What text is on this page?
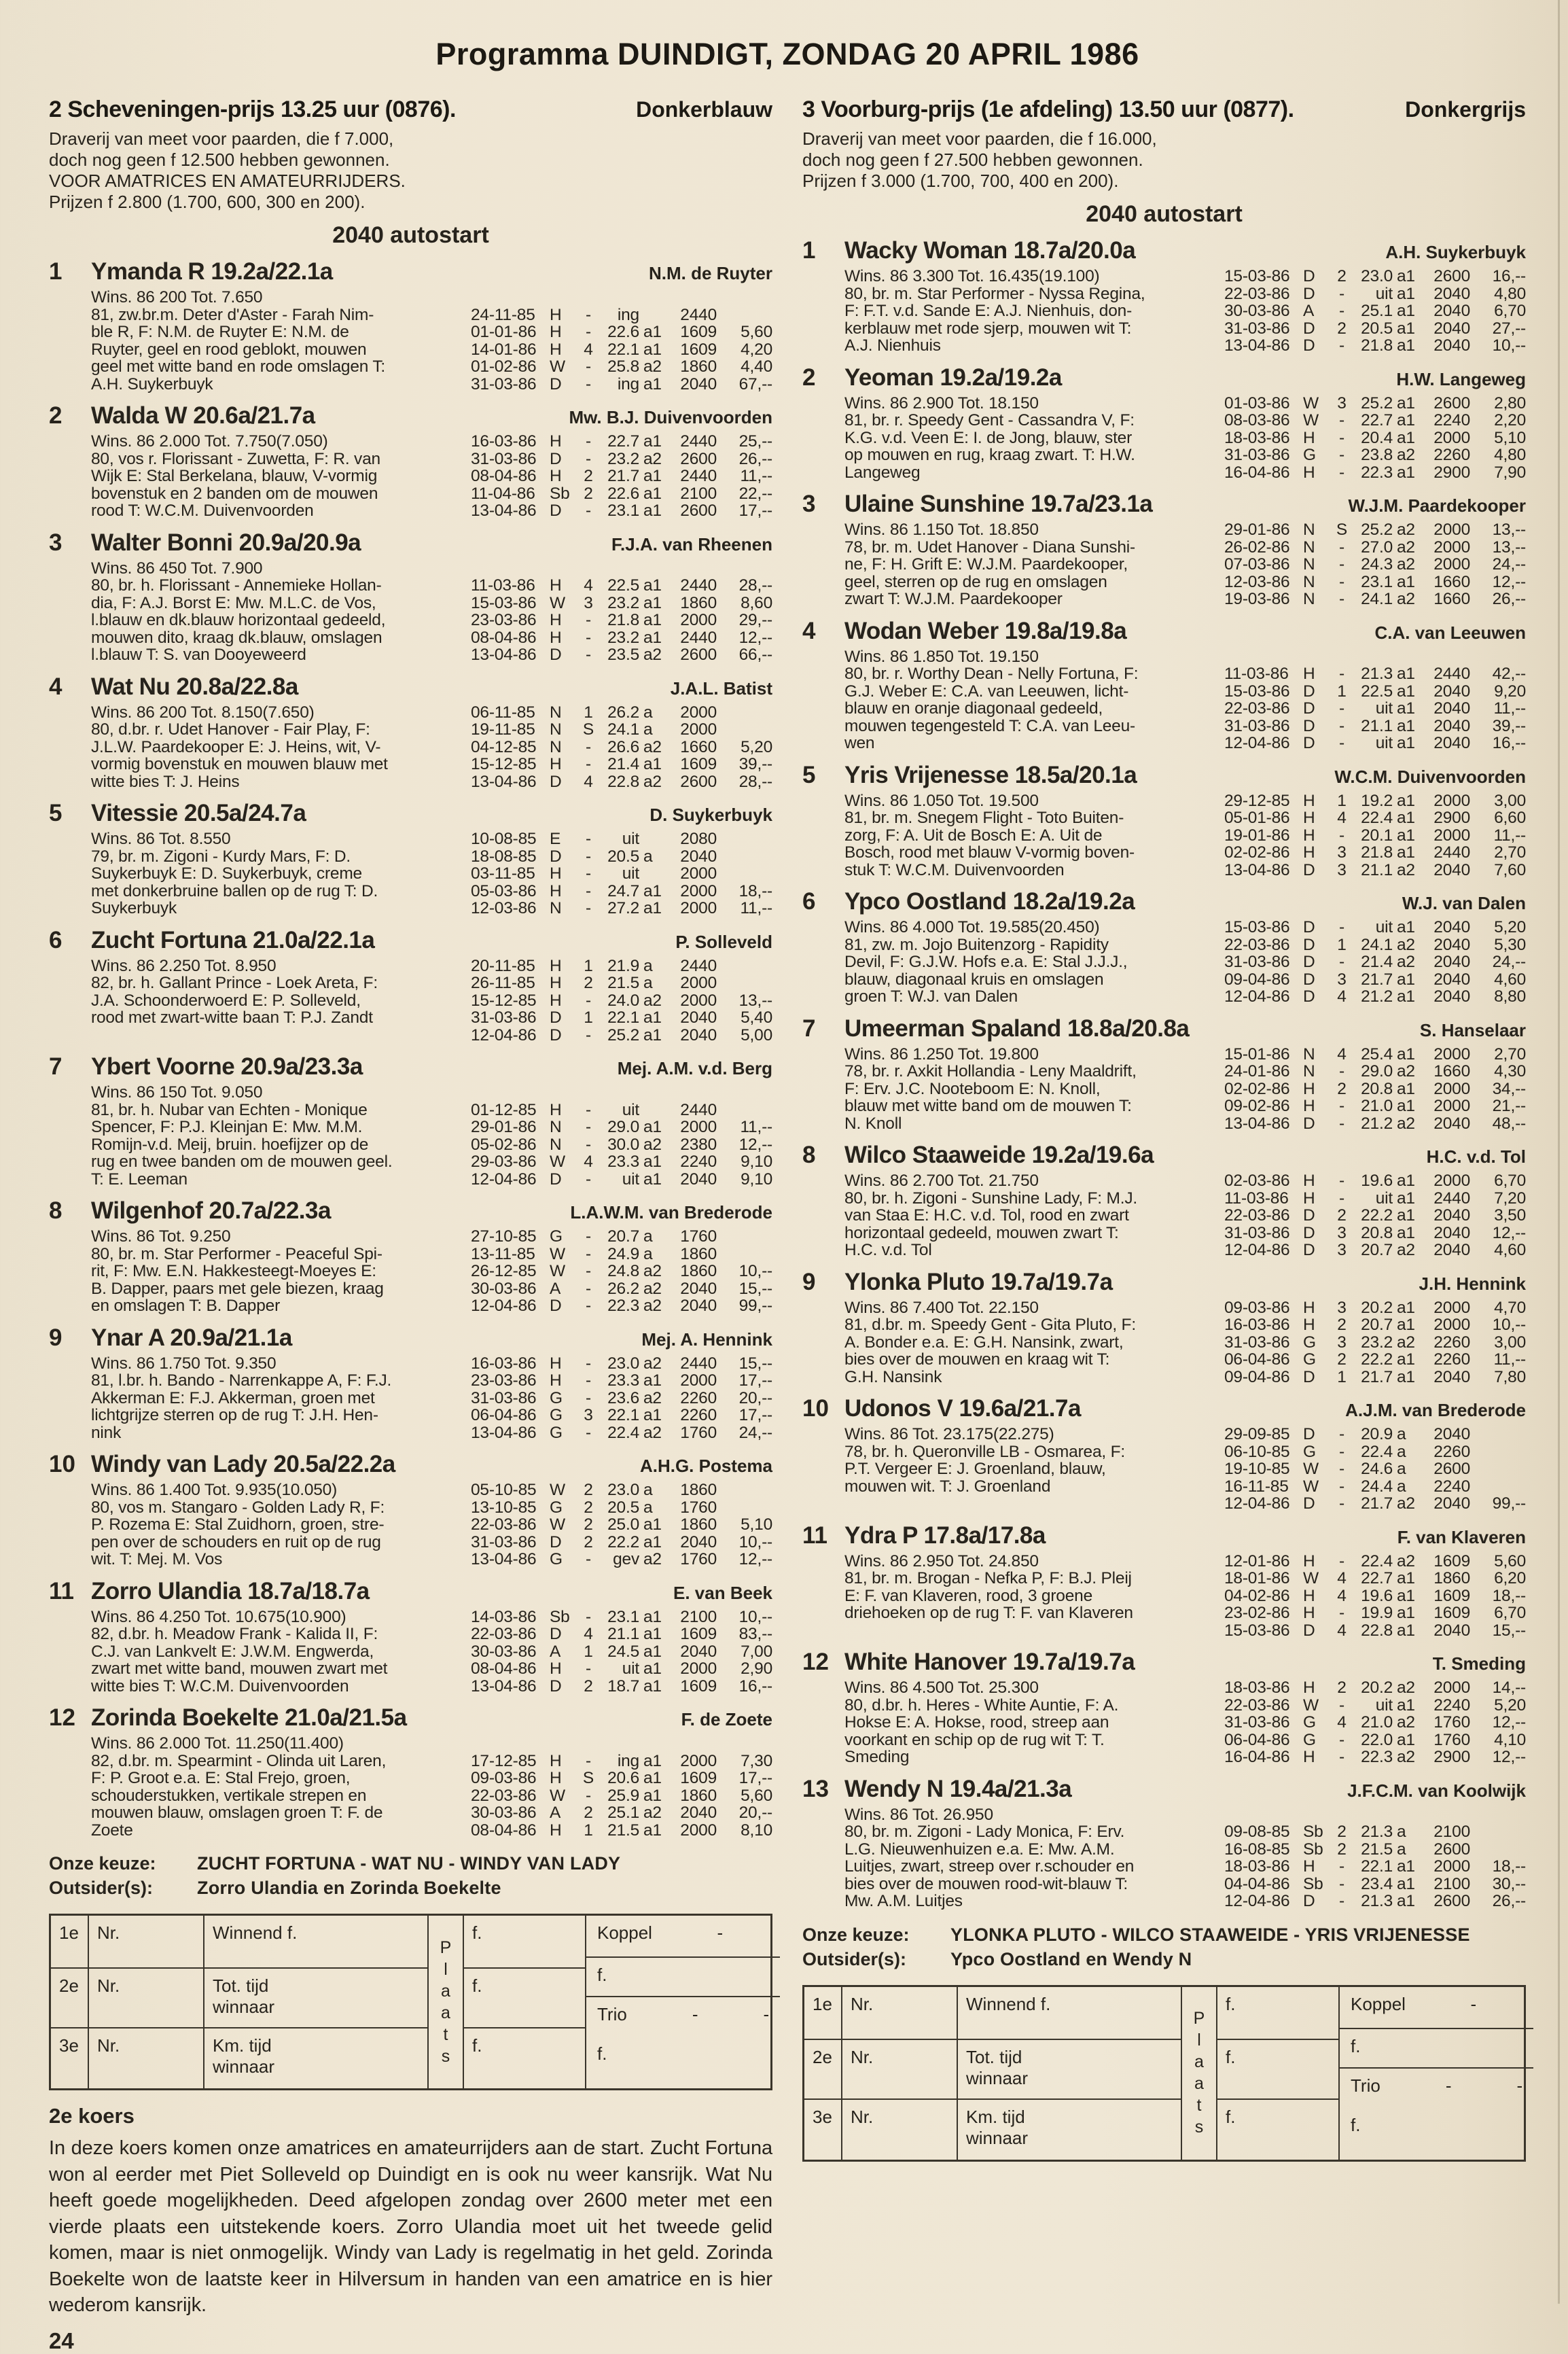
Programma DUINDIGT, ZONDAG 20 APRIL 1986
2 Scheveningen-prijs 13.25 uur (0876).	Donkerblauw
Draverij van meet voor paarden, die f 7.000,
doch nog geen f 12.500 hebben gewonnen.
VOOR AMATRICES EN AMATEURRIJDERS.
Prijzen f 2.800 (1.700, 600, 300 en 200).
2040 autostart
1	Ymanda R 19.2a/22.1a	N.M. de Ruyter
Wins. 86 200 Tot. 7.650
81, zw.br.m. Deter d'Aster - Farah Nim-	24-11-85 H	-	ing	2440
ble R, F: N.M. de Ruyter E: N.M. de	01-01-86 H	- 22.6 a1	1609	5,60
Ruyter, geel en rood geblokt, mouwen	14-01-86 H	4 22.1 a1	1609	4,20
geel met witte band en rode omslagen T:	01-02-86 W	- 25.8 a2	1860	4,40
A.H. Suykerbuyk	31-03-86 D	-	ing a1	2040	67,--
2	Walda W 20.6a/21.7a	Mw. B.J. Duivenvoorden
Wins. 86 2.000 Tot. 7.750(7.050)	16-03-86 H	- 22.7 a1	2440	25,--
80, vos r. Florissant - Zuwetta, F: R. van	31-03-86 D	- 23.2 a2	2600	26,--
Wijk E: Stal Berkelana, blauw, V-vormig	08-04-86 H	2 21.7 a1	2440	11,--
bovenstuk en 2 banden om de mouwen	11-04-86 Sb 2 22.6 a1	2100	22,--
rood T: W.C.M. Duivenvoorden	13-04-86 D	- 23.1 a1	2600	17,--
3	Walter Bonni 20.9a/20.9a	F.J.A. van Rheenen
Wins. 86 450 Tot. 7.900
80, br. h. Florissant - Annemieke Hollan-	11-03-86 H	4 22.5 a1	2440	28,--
dia, F: A.J. Borst E: Mw. M.L.C. de Vos,	15-03-86 W	3 23.2 a1	1860	8,60
l.blauw en dk.blauw horizontaal gedeeld,	23-03-86 H	- 21.8 a1	2000	29,--
mouwen dito, kraag dk.blauw, omslagen	08-04-86 H	- 23.2 a1	2440	12,--
l.blauw T: S. van Dooyeweerd	13-04-86 D	- 23.5 a2	2600	66,--
4	Wat Nu 20.8a/22.8a	J.A.L. Batist
Wins. 86 200 Tot. 8.150(7.650)	06-11-85 N	1 26.2 a	2000
80, d.br. r. Udet Hanover - Fair Play, F:	19-11-85 N	S 24.1 a	2000
J.L.W. Paardekooper E: J. Heins, wit, V-	04-12-85 N	- 26.6 a2	1660	5,20
vormig bovenstuk en mouwen blauw met	15-12-85 H	- 21.4 a1	1609	39,--
witte bies T: J. Heins	13-04-86 D	4 22.8 a2	2600	28,--
5	Vitessie 20.5a/24.7a	D. Suykerbuyk
Wins. 86 Tot. 8.550	10-08-85 E	-	uit	2080
79, br. m. Zigoni - Kurdy Mars, F: D.	18-08-85 D	- 20.5 a	2040
Suykerbuyk E: D. Suykerbuyk, creme	03-11-85 H	-	uit	2000
met donkerbruine ballen op de rug T: D.	05-03-86 H	- 24.7 a1	2000	18,--
Suykerbuyk	12-03-86 N	- 27.2 a1	2000	11,--
6	Zucht Fortuna 21.0a/22.1a	P. Solleveld
Wins. 86 2.250 Tot. 8.950	20-11-85 H	1 21.9 a	2440
82, br. h. Gallant Prince - Loek Areta, F:	26-11-85 H	2 21.5 a	2000
J.A. Schoonderwoerd E: P. Solleveld,	15-12-85 H	- 24.0 a2	2000	13,--
rood met zwart-witte baan T: P.J. Zandt	31-03-86 D	1 22.1 a1	2040	5,40
12-04-86 D	- 25.2 a1	2040	5,00
7	Ybert Voorne 20.9a/23.3a	Mej. A.M. v.d. Berg
Wins. 86 150 Tot. 9.050
81, br. h. Nubar van Echten - Monique	01-12-85 H	-	uit	2440
Spencer, F: P.J. Kleinjan E: Mw. M.M.	29-01-86 N	- 29.0 a1	2000	11,--
Romijn-v.d. Meij, bruin. hoefijzer op de	05-02-86 N	- 30.0 a2	2380	12,--
rug en twee banden om de mouwen geel.	29-03-86 W	4 23.3 a1	2240	9,10
T: E. Leeman	12-04-86 D	-	uit a1	2040	9,10
8	Wilgenhof 20.7a/22.3a	L.A.W.M. van Brederode
Wins. 86 Tot. 9.250	27-10-85 G	- 20.7 a	1760
80, br. m. Star Performer - Peaceful Spi-	13-11-85 W	- 24.9 a	1860
rit, F: Mw. E.N. Hakkesteegt-Moeyes E:	26-12-85 W	- 24.8 a2	1860	10,--
B. Dapper, paars met gele biezen, kraag	30-03-86 A	- 26.2 a2	2040	15,--
en omslagen T: B. Dapper	12-04-86 D	- 22.3 a2	2040	99,--
9	Ynar A 20.9a/21.1a	Mej. A. Hennink
Wins. 86 1.750 Tot. 9.350	16-03-86 H	- 23.0 a2	2440	15,--
81, l.br. h. Bando - Narrenkappe A, F: F.J.	23-03-86 H	- 23.3 a1	2000	17,--
Akkerman E: F.J. Akkerman, groen met	31-03-86 G	- 23.6 a2	2260	20,--
lichtgrijze sterren op de rug T: J.H. Hen-	06-04-86 G	3 22.1 a1	2260	17,--
nink	13-04-86 G	- 22.4 a2	1760	24,--
10 Windy van Lady 20.5a/22.2a	A.H.G. Postema
Wins. 86 1.400 Tot. 9.935(10.050)	05-10-85 W	2 23.0 a	1860
80, vos m. Stangaro - Golden Lady R, F:	13-10-85 G	2 20.5 a	1760
P. Rozema E: Stal Zuidhorn, groen, stre-	22-03-86 W	2 25.0 a1	1860	5,10
pen over de schouders en ruit op de rug	31-03-86 D	2 22.2 a1	2040	10,--
wit. T: Mej. M. Vos	13-04-86 G	-	gev a2	1760	12,--
11 Zorro Ulandia 18.7a/18.7a	E. van Beek
Wins. 86 4.250 Tot. 10.675(10.900)	14-03-86 Sb - 23.1 a1	2100	10,--
82, d.br. h. Meadow Frank - Kalida II, F:	22-03-86 D	4 21.1 a1	1609	83,--
C.J. van Lankvelt E: J.W.M. Engwerda,	30-03-86 A	1 24.5 a1	2040	7,00
zwart met witte band, mouwen zwart met	08-04-86 H	-	uit a1	2000	2,90
witte bies T: W.C.M. Duivenvoorden	13-04-86 D	2 18.7 a1	1609	16,--
12 Zorinda Boekelte 21.0a/21.5a	F. de Zoete
Wins. 86 2.000 Tot. 11.250(11.400)
82, d.br. m. Spearmint - Olinda uit Laren,	17-12-85 H	-	ing a1	2000	7,30
F: P. Groot e.a. E: Stal Frejo, groen,	09-03-86 H	S 20.6 a1	1609	17,--
schouderstukken, vertikale strepen en	22-03-86 W	- 25.9 a1	1860	5,60
mouwen blauw, omslagen groen T: F. de	30-03-86 A	2 25.1 a2	2040	20,--
Zoete	08-04-86 H	1 21.5 a1	2000	8,10
Onze keuze:	ZUCHT FORTUNA - WAT NU - WINDY VAN LADY
Outsider(s):	Zorro Ulandia en Zorinda Boekelte
1e	Nr.	Winnend f.
P
l
a
a
t
s
f.	Koppel	-
f.
Trio	-	-
f.
2e	Nr.	Tot. tijd
winnaar
f.
3e	Nr.	Km. tijd
winnaar
f.
2e koers

In deze koers komen onze amatrices en amateurrijders aan de start. Zucht Fortuna won al eerder met Piet Solleveld op Duindigt en is ook nu weer kansrijk. Wat Nu heeft goede mogelijkheden. Deed afgelopen zondag over 2600 meter met een vierde plaats een uitstekende koers. Zorro Ulandia moet uit het tweede gelid komen, maar is niet onmogelijk. Windy van Lady is regelmatig in het geld. Zorinda Boekelte won de laatste keer in Hilversum in handen van een amatrice en is hier wederom kansrijk.

24
3 Voorburg-prijs (1e afdeling) 13.50 uur (0877).	Donkergrijs
Draverij van meet voor paarden, die f 16.000,
doch nog geen f 27.500 hebben gewonnen.
Prijzen f 3.000 (1.700, 700, 400 en 200).
2040 autostart
1	Wacky Woman 18.7a/20.0a	A.H. Suykerbuyk
Wins. 86 3.300 Tot. 16.435(19.100)	15-03-86 D	2 23.0 a1	2600	16,--
80, br. m. Star Performer - Nyssa Regina,	22-03-86 D	-	uit a1	2040	4,80
F: F.T. v.d. Sande E: A.J. Nienhuis, don-	30-03-86 A	- 25.1 a1	2040	6,70
kerblauw met rode sjerp, mouwen wit T:	31-03-86 D	2 20.5 a1	2040	27,--
A.J. Nienhuis	13-04-86 D	- 21.8 a1	2040	10,--
2	Yeoman 19.2a/19.2a	H.W. Langeweg
Wins. 86 2.900 Tot. 18.150	01-03-86 W	3 25.2 a1	2600	2,80
81, br. r. Speedy Gent - Cassandra V, F:	08-03-86 W	- 22.7 a1	2240	2,20
K.G. v.d. Veen E: I. de Jong, blauw, ster	18-03-86 H	- 20.4 a1	2000	5,10
op mouwen en rug, kraag zwart. T: H.W.	31-03-86 G	- 23.8 a2	2260	4,80
Langeweg	16-04-86 H	- 22.3 a1	2900	7,90
3	Ulaine Sunshine 19.7a/23.1a	W.J.M. Paardekooper
Wins. 86 1.150 Tot. 18.850	29-01-86 N	S 25.2 a2	2000	13,--
78, br. m. Udet Hanover - Diana Sunshi-	26-02-86 N	- 27.0 a2	2000	13,--
ne, F: H. Grift E: W.J.M. Paardekooper,	07-03-86 N	- 24.3 a2	2000	24,--
geel, sterren op de rug en omslagen	12-03-86 N	- 23.1 a1	1660	12,--
zwart T: W.J.M. Paardekooper	19-03-86 N	- 24.1 a2	1660	26,--
4	Wodan Weber 19.8a/19.8a	C.A. van Leeuwen
Wins. 86 1.850 Tot. 19.150
80, br. r. Worthy Dean - Nelly Fortuna, F:	11-03-86 H	- 21.3 a1	2440	42,--
G.J. Weber E: C.A. van Leeuwen, licht-	15-03-86 D	1 22.5 a1	2040	9,20
blauw en oranje diagonaal gedeeld,	22-03-86 D	-	uit a1	2040	11,--
mouwen tegengesteld T: C.A. van Leeu-	31-03-86 D	- 21.1 a1	2040	39,--
wen	12-04-86 D	-	uit a1	2040	16,--
5	Yris Vrijenesse 18.5a/20.1a	W.C.M. Duivenvoorden
Wins. 86 1.050 Tot. 19.500	29-12-85 H	1 19.2 a1	2000	3,00
81, br. m. Snegem Flight - Toto Buiten-	05-01-86 H	4 22.4 a1	2900	6,60
zorg, F: A. Uit de Bosch E: A. Uit de	19-01-86 H	- 20.1 a1	2000	11,--
Bosch, rood met blauw V-vormig boven-	02-02-86 H	3 21.8 a1	2440	2,70
stuk T: W.C.M. Duivenvoorden	13-04-86 D	3 21.1 a2	2040	7,60
6	Ypco Oostland 18.2a/19.2a	W.J. van Dalen
Wins. 86 4.000 Tot. 19.585(20.450)	15-03-86 D	-	uit a1	2040	5,20
81, zw. m. Jojo Buitenzorg - Rapidity	22-03-86 D	1 24.1 a2	2040	5,30
Devil, F: G.J.W. Hofs e.a. E: Stal J.J.J.,	31-03-86 D	- 21.4 a2	2040	24,--
blauw, diagonaal kruis en omslagen	09-04-86 D	3 21.7 a1	2040	4,60
groen T: W.J. van Dalen	12-04-86 D	4 21.2 a1	2040	8,80
7	Umeerman Spaland 18.8a/20.8a	S. Hanselaar
Wins. 86 1.250 Tot. 19.800	15-01-86 N	4 25.4 a1	2000	2,70
78, br. r. Axkit Hollandia - Leny Maaldrift,	24-01-86 N	- 29.0 a2	1660	4,30
F: Erv. J.C. Nooteboom E: N. Knoll,	02-02-86 H	2 20.8 a1	2000	34,--
blauw met witte band om de mouwen T:	09-02-86 H	- 21.0 a1	2000	21,--
N. Knoll	13-04-86 D	- 21.2 a2	2040	48,--
8	Wilco Staaweide 19.2a/19.6a	H.C. v.d. Tol
Wins. 86 2.700 Tot. 21.750	02-03-86 H	- 19.6 a1	2000	6,70
80, br. h. Zigoni - Sunshine Lady, F: M.J.	11-03-86 H	-	uit a1	2440	7,20
van Staa E: H.C. v.d. Tol, rood en zwart	22-03-86 D	2 22.2 a1	2040	3,50
horizontaal gedeeld, mouwen zwart T:	31-03-86 D	3 20.8 a1	2040	12,--
H.C. v.d. Tol	12-04-86 D	3 20.7 a2	2040	4,60
9	Ylonka Pluto 19.7a/19.7a	J.H. Hennink
Wins. 86 7.400 Tot. 22.150	09-03-86 H	3 20.2 a1	2000	4,70
81, d.br. m. Speedy Gent - Gita Pluto, F:	16-03-86 H	2 20.7 a1	2000	10,--
A. Bonder e.a. E: G.H. Nansink, zwart,	31-03-86 G	3 23.2 a2	2260	3,00
bies over de mouwen en kraag wit T:	06-04-86 G	2 22.2 a1	2260	11,--
G.H. Nansink	09-04-86 D	1 21.7 a1	2040	7,80
10 Udonos V 19.6a/21.7a	A.J.M. van Brederode
Wins. 86 Tot. 23.175(22.275)	29-09-85 D	- 20.9 a	2040
78, br. h. Queronville LB - Osmarea, F:	06-10-85 G	- 22.4 a	2260
P.T. Vergeer E: J. Groenland, blauw,	19-10-85 W	- 24.6 a	2600
mouwen wit. T: J. Groenland	16-11-85 W	- 24.4 a	2240
12-04-86 D	- 21.7 a2	2040	99,--
11 Ydra P 17.8a/17.8a	F. van Klaveren
Wins. 86 2.950 Tot. 24.850	12-01-86 H	- 22.4 a2	1609	5,60
81, br. m. Brogan - Nefka P, F: B.J. Pleij	18-01-86 W	4 22.7 a1	1860	6,20
E: F. van Klaveren, rood, 3 groene	04-02-86 H	4 19.6 a1	1609	18,--
driehoeken op de rug T: F. van Klaveren	23-02-86 H	- 19.9 a1	1609	6,70
15-03-86 D	4 22.8 a1	2040	15,--
12 White Hanover 19.7a/19.7a	T. Smeding
Wins. 86 4.500 Tot. 25.300	18-03-86 H	2 20.2 a2	2000	14,--
80, d.br. h. Heres - White Auntie, F: A.	22-03-86 W	-	uit a1	2240	5,20
Hokse E: A. Hokse, rood, streep aan	31-03-86 G	4 21.0 a2	1760	12,--
voorkant en schip op de rug wit T: T.	06-04-86 G	- 22.0 a1	1760	4,10
Smeding	16-04-86 H	- 22.3 a2	2900	12,--
13 Wendy N 19.4a/21.3a	J.F.C.M. van Koolwijk
Wins. 86 Tot. 26.950
80, br. m. Zigoni - Lady Monica, F: Erv.	09-08-85 Sb 2 21.3 a	2100
L.G. Nieuwenhuizen e.a. E: Mw. A.M.	16-08-85 Sb 2 21.5 a	2600
Luitjes, zwart, streep over r.schouder en	18-03-86 H	- 22.1 a1	2000	18,--
bies over de mouwen rood-wit-blauw T:	04-04-86 Sb - 23.4 a1	2100	30,--
Mw. A.M. Luitjes	12-04-86 D	- 21.3 a1	2600	26,--
Onze keuze:	YLONKA PLUTO - WILCO STAAWEIDE - YRIS VRIJENESSE
Outsider(s):	Ypco Oostland en Wendy N
1e	Nr.	Winnend f.
P
l
a
a
t
s
f.	Koppel	-
f.
Trio	-	-
f.
2e	Nr.	Tot. tijd
winnaar
f.
3e	Nr.	Km. tijd
winnaar
f.
